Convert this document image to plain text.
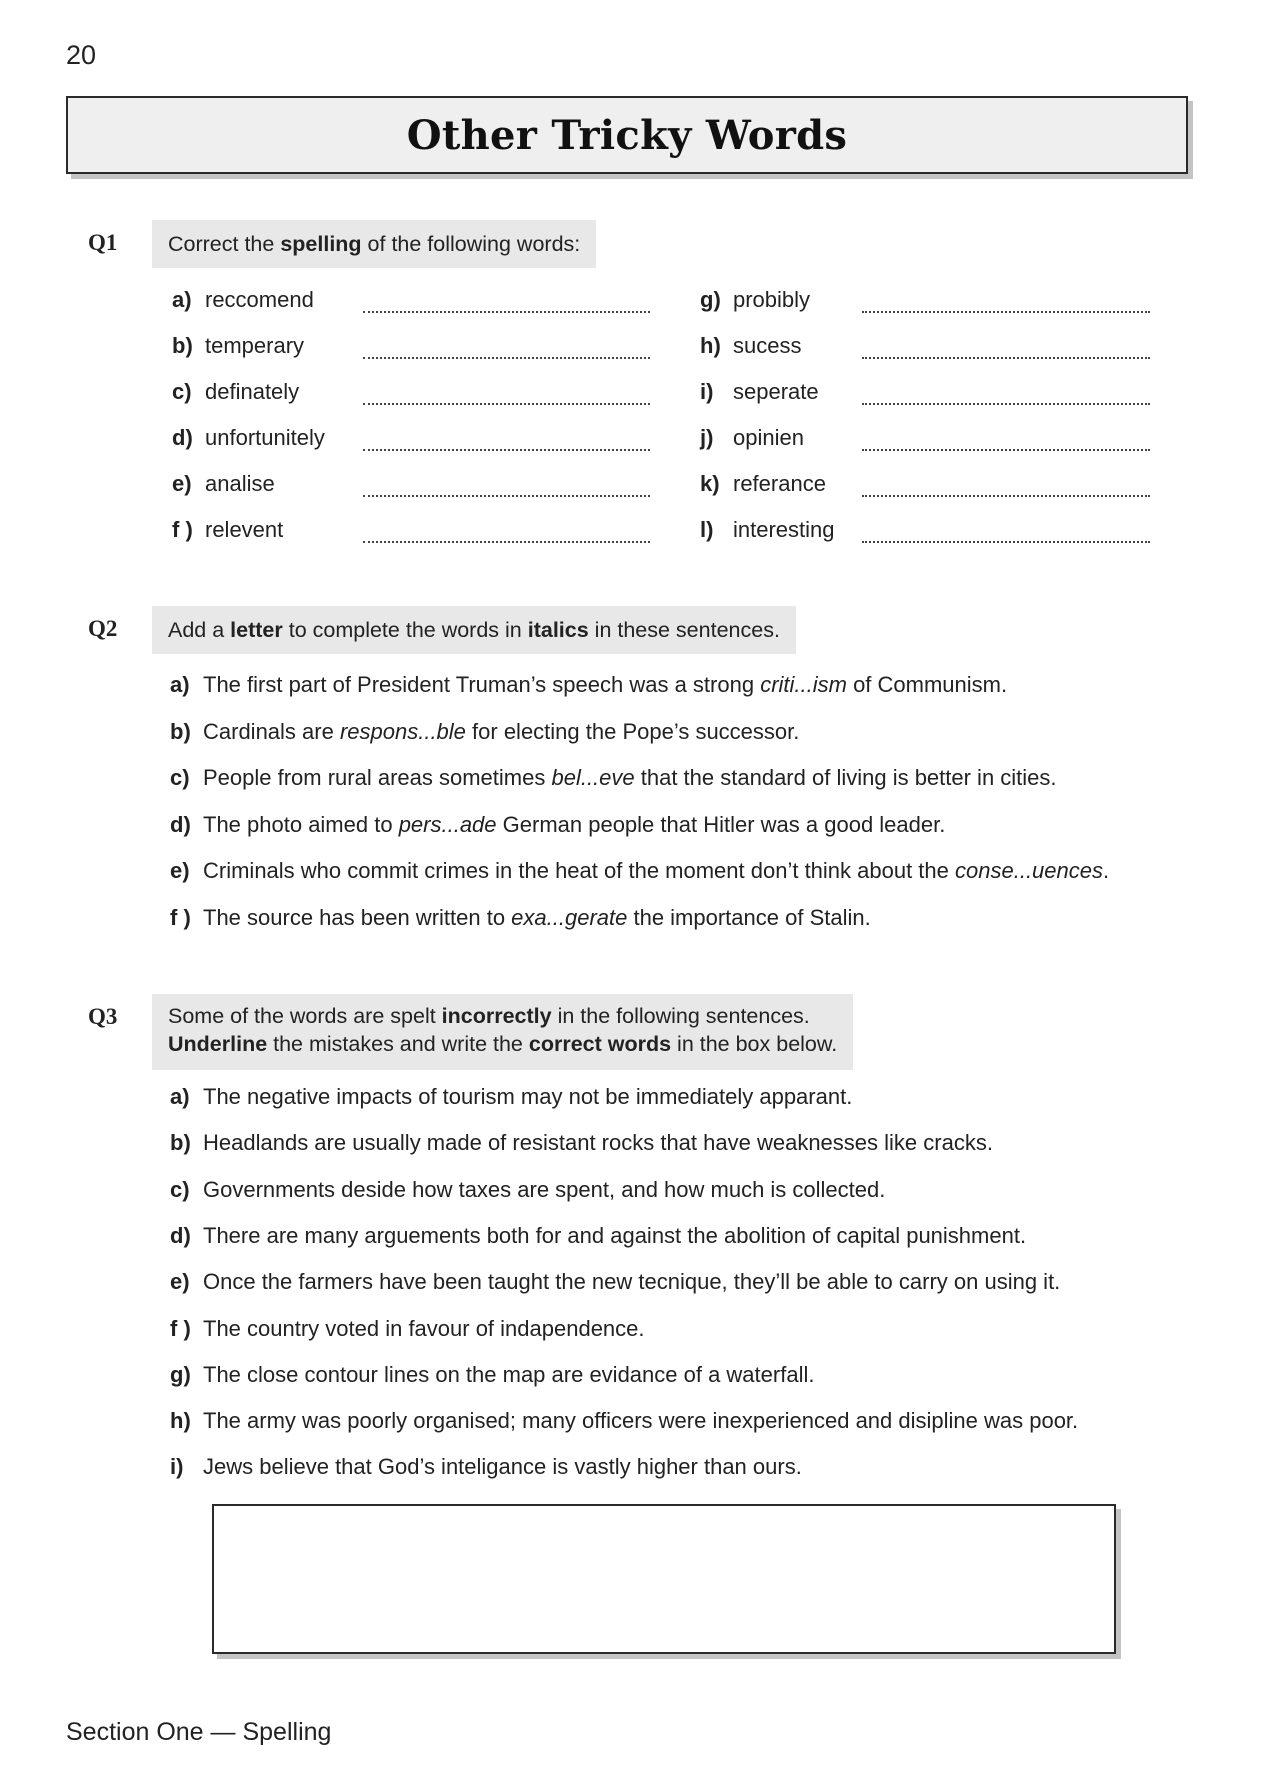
20
Other Tricky Words
Q1	Correct the spelling of the following words:
a) reccomend
b) temperary
c) definately
d) unfortunitely
e) analise
f ) relevent
g) probibly
h) sucess
i) seperate
j) opinien
k) referance
l) interesting
Q2	Add a letter to complete the words in italics in these sentences.
a) The first part of President Truman’s speech was a strong criti...ism of Communism.
b) Cardinals are respons...ble for electing the Pope’s successor.
c) People from rural areas sometimes bel...eve that the standard of living is better in cities.
d) The photo aimed to pers...ade German people that Hitler was a good leader.
e) Criminals who commit crimes in the heat of the moment don’t think about the conse...uences.
f ) The source has been written to exa...gerate the importance of Stalin.
Q3 Some of the words are spelt incorrectly in the following sentences.
Underline the mistakes and write the correct words in the box below.
a) The negative impacts of tourism may not be immediately apparant.
b) Headlands are usually made of resistant rocks that have weaknesses like cracks.
c) Governments deside how taxes are spent, and how much is collected.
d) There are many arguements both for and against the abolition of capital punishment.
e) Once the farmers have been taught the new tecnique, they’ll be able to carry on using it.
f ) The country voted in favour of indapendence.
g) The close contour lines on the map are evidance of a waterfall.
h) The army was poorly organised; many officers were inexperienced and disipline was poor.
i) Jews believe that God’s inteligance is vastly higher than ours.
Section One — Spelling
